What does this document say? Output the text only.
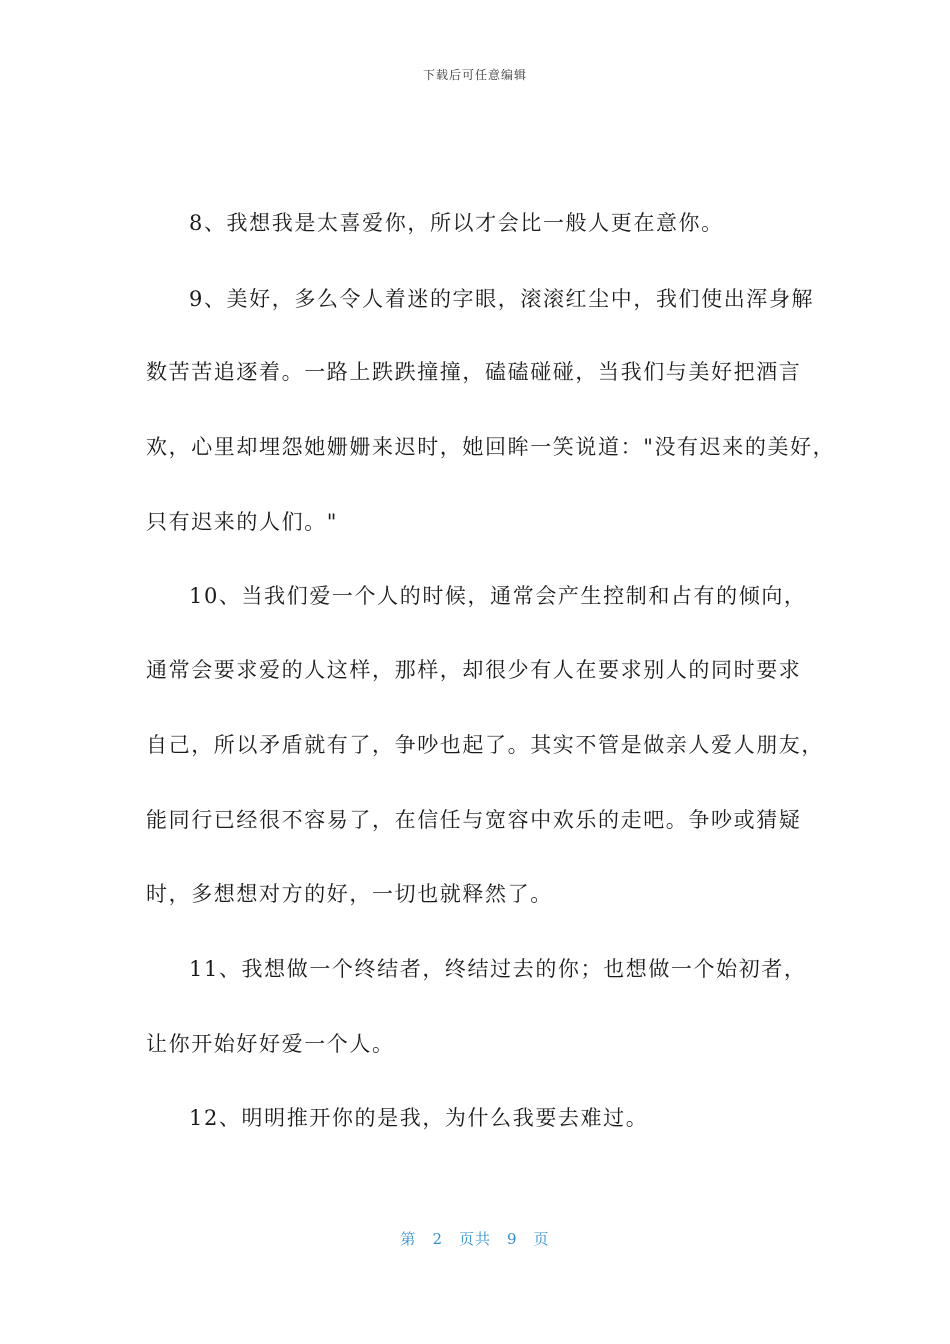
下载后可任意编辑
8、我想我是太喜爱你，所以才会比一般人更在意你。
9、美好，多么令人着迷的字眼，滚滚红尘中，我们使出浑身解
数苦苦追逐着。一路上跌跌撞撞，磕磕碰碰，当我们与美好把酒言
欢，心里却埋怨她姗姗来迟时，她回眸一笑说道："没有迟来的美好，
只有迟来的人们。"
10、当我们爱一个人的时候，通常会产生控制和占有的倾向，
通常会要求爱的人这样，那样，却很少有人在要求别人的同时要求
自己，所以矛盾就有了，争吵也起了。其实不管是做亲人爱人朋友，
能同行已经很不容易了，在信任与宽容中欢乐的走吧。争吵或猜疑
时，多想想对方的好，一切也就释然了。
11、我想做一个终结者，终结过去的你；也想做一个始初者，
让你开始好好爱一个人。
12、明明推开你的是我，为什么我要去难过。
第 2 页共 9 页
